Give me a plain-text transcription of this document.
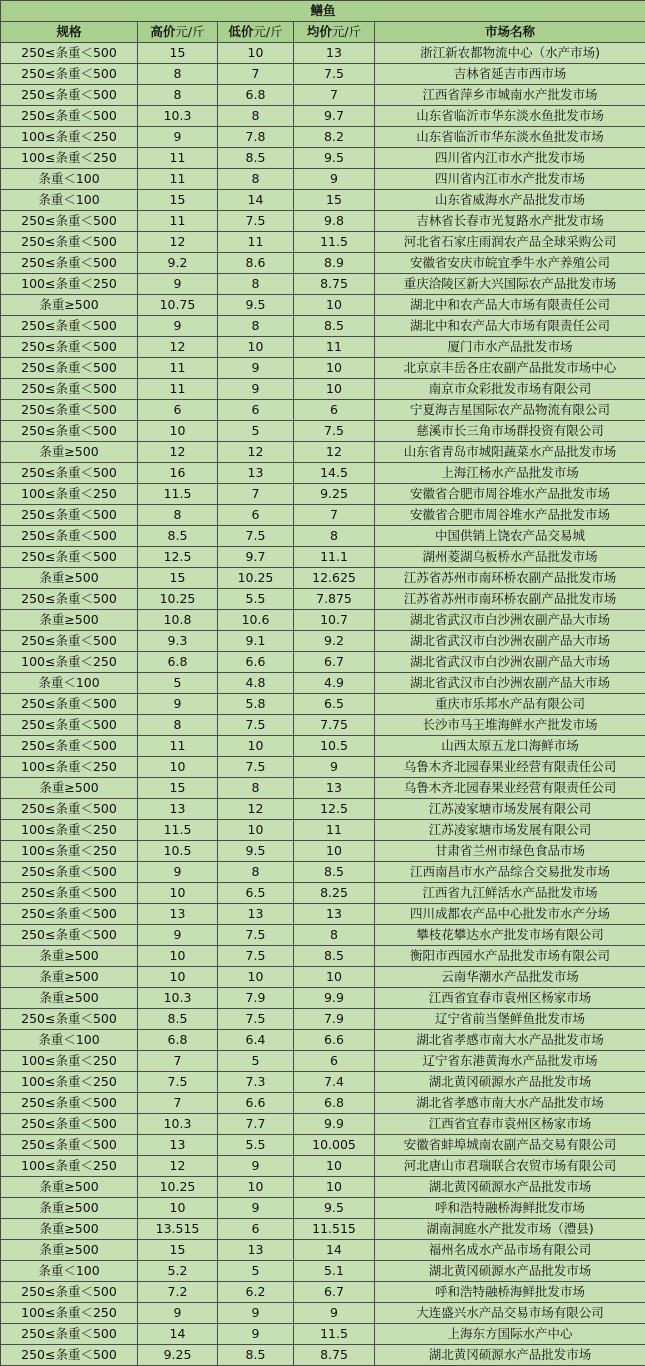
鳝鱼				
规格	高价元/斤	低价元/斤	均价元/斤	市场名称
250≤条重＜500	15	10	13	浙江新农都物流中心（水产市场)
250≤条重＜500	8	7	7.5	吉林省延吉市西市场
250≤条重＜500	8	6.8	7	江西省萍乡市城南水产批发市场
250≤条重＜500	10.3	8	9.7	山东省临沂市华东淡水鱼批发市场
100≤条重＜250	9	7.8	8.2	山东省临沂市华东淡水鱼批发市场
100≤条重＜250	11	8.5	9.5	四川省内江市水产批发市场
条重＜100	11	8	9	四川省内江市水产批发市场
条重＜100	15	14	15	山东省威海水产品批发市场
250≤条重＜500	11	7.5	9.8	吉林省长春市光复路水产批发市场
250≤条重＜500	12	11	11.5	河北省石家庄雨润农产品全球采购公司
250≤条重＜500	9.2	8.6	8.9	安徽省安庆市皖宜季牛水产养殖公司
100≤条重＜250	9	8	8.75	重庆洽陵区新大兴国际农产品批发市场
条重≥500	10.75	9.5	10	湖北中和农产品大市场有限责任公司
250≤条重＜500	9	8	8.5	湖北中和农产品大市场有限责任公司
250≤条重＜500	12	10	11	厦门市水产品批发市场
250≤条重＜500	11	9	10	北京京丰岳各庄农副产品批发市场中心
250≤条重＜500	11	9	10	南京市众彩批发市场有限公司
250≤条重＜500	6	6	6	宁夏海吉星国际农产品物流有限公司
250≤条重＜500	10	5	7.5	慈溪市长三角市场群投资有限公司
条重≥500	12	12	12	山东省青岛市城阳蔬菜水产品批发市场
250≤条重＜500	16	13	14.5	上海江杨水产品批发市场
100≤条重＜250	11.5	7	9.25	安徽省合肥市周谷堆水产品批发市场
250≤条重＜500	8	6	7	安徽省合肥市周谷堆水产品批发市场
250≤条重＜500	8.5	7.5	8	中国供销上饶农产品交易城
250≤条重＜500	12.5	9.7	11.1	湖州菱湖乌板桥水产品批发市场
条重≥500	15	10.25	12.625	江苏省苏州市南环桥农副产品批发市场
250≤条重＜500	10.25	5.5	7.875	江苏省苏州市南环桥农副产品批发市场
条重≥500	10.8	10.6	10.7	湖北省武汉市白沙洲农副产品大市场
250≤条重＜500	9.3	9.1	9.2	湖北省武汉市白沙洲农副产品大市场
100≤条重＜250	6.8	6.6	6.7	湖北省武汉市白沙洲农副产品大市场
条重＜100	5	4.8	4.9	湖北省武汉市白沙洲农副产品大市场
250≤条重＜500	9	5.8	6.5	重庆市乐邦水产品有限公司
250≤条重＜500	8	7.5	7.75	长沙市马王堆海鲜水产批发市场
250≤条重＜500	11	10	10.5	山西太原五龙口海鲜市场
100≤条重＜250	10	7.5	9	乌鲁木齐北园春果业经营有限责任公司
条重≥500	15	8	13	乌鲁木齐北园春果业经营有限责任公司
250≤条重＜500	13	12	12.5	江苏凌家塘市场发展有限公司
100≤条重＜250	11.5	10	11	江苏凌家塘市场发展有限公司
100≤条重＜250	10.5	9.5	10	甘肃省兰州市绿色食品市场
250≤条重＜500	9	8	8.5	江西南昌市水产品综合交易批发市场
250≤条重＜500	10	6.5	8.25	江西省九江鲜活水产品批发市场
250≤条重＜500	13	13	13	四川成都农产品中心批发市水产分场
250≤条重＜500	9	7.5	8	攀枝花攀达水产批发市场有限公司
条重≥500	10	7.5	8.5	衡阳市西园水产品批发市场有限公司
条重≥500	10	10	10	云南华潮水产品批发市场
条重≥500	10.3	7.9	9.9	江西省宜春市袁州区杨家市场
250≤条重＜500	8.5	7.5	7.9	辽宁省前当堡鲜鱼批发市场
条重＜100	6.8	6.4	6.6	湖北省孝感市南大水产品批发市场
100≤条重＜250	7	5	6	辽宁省东港黄海水产品批发市场
100≤条重＜250	7.5	7.3	7.4	湖北黄冈硕源水产品批发市场
250≤条重＜500	7	6.6	6.8	湖北省孝感市南大水产品批发市场
250≤条重＜500	10.3	7.7	9.9	江西省宜春市袁州区杨家市场
250≤条重＜500	13	5.5	10.005	安徽省蚌埠城南农副产品交易有限公司
100≤条重＜250	12	9	10	河北唐山市君瑞联合农贸市场有限公司
条重≥500	10.25	10	10	湖北黄冈硕源水产品批发市场
条重≥500	10	9	9.5	呼和浩特融桥海鲜批发市场
条重≥500	13.515	6	11.515	湖南洞庭水产批发市场（澧县)
条重≥500	15	13	14	福州名成水产品市场有限公司
条重＜100	5.2	5	5.1	湖北黄冈硕源水产品批发市场
250≤条重＜500	7.2	6.2	6.7	呼和浩特融桥海鲜批发市场
100≤条重＜250	9	9	9	大连盛兴水产品交易市场有限公司
250≤条重＜500	14	9	11.5	上海东方国际水产中心
250≤条重＜500	9.25	8.5	8.75	湖北黄冈硕源水产品批发市场
